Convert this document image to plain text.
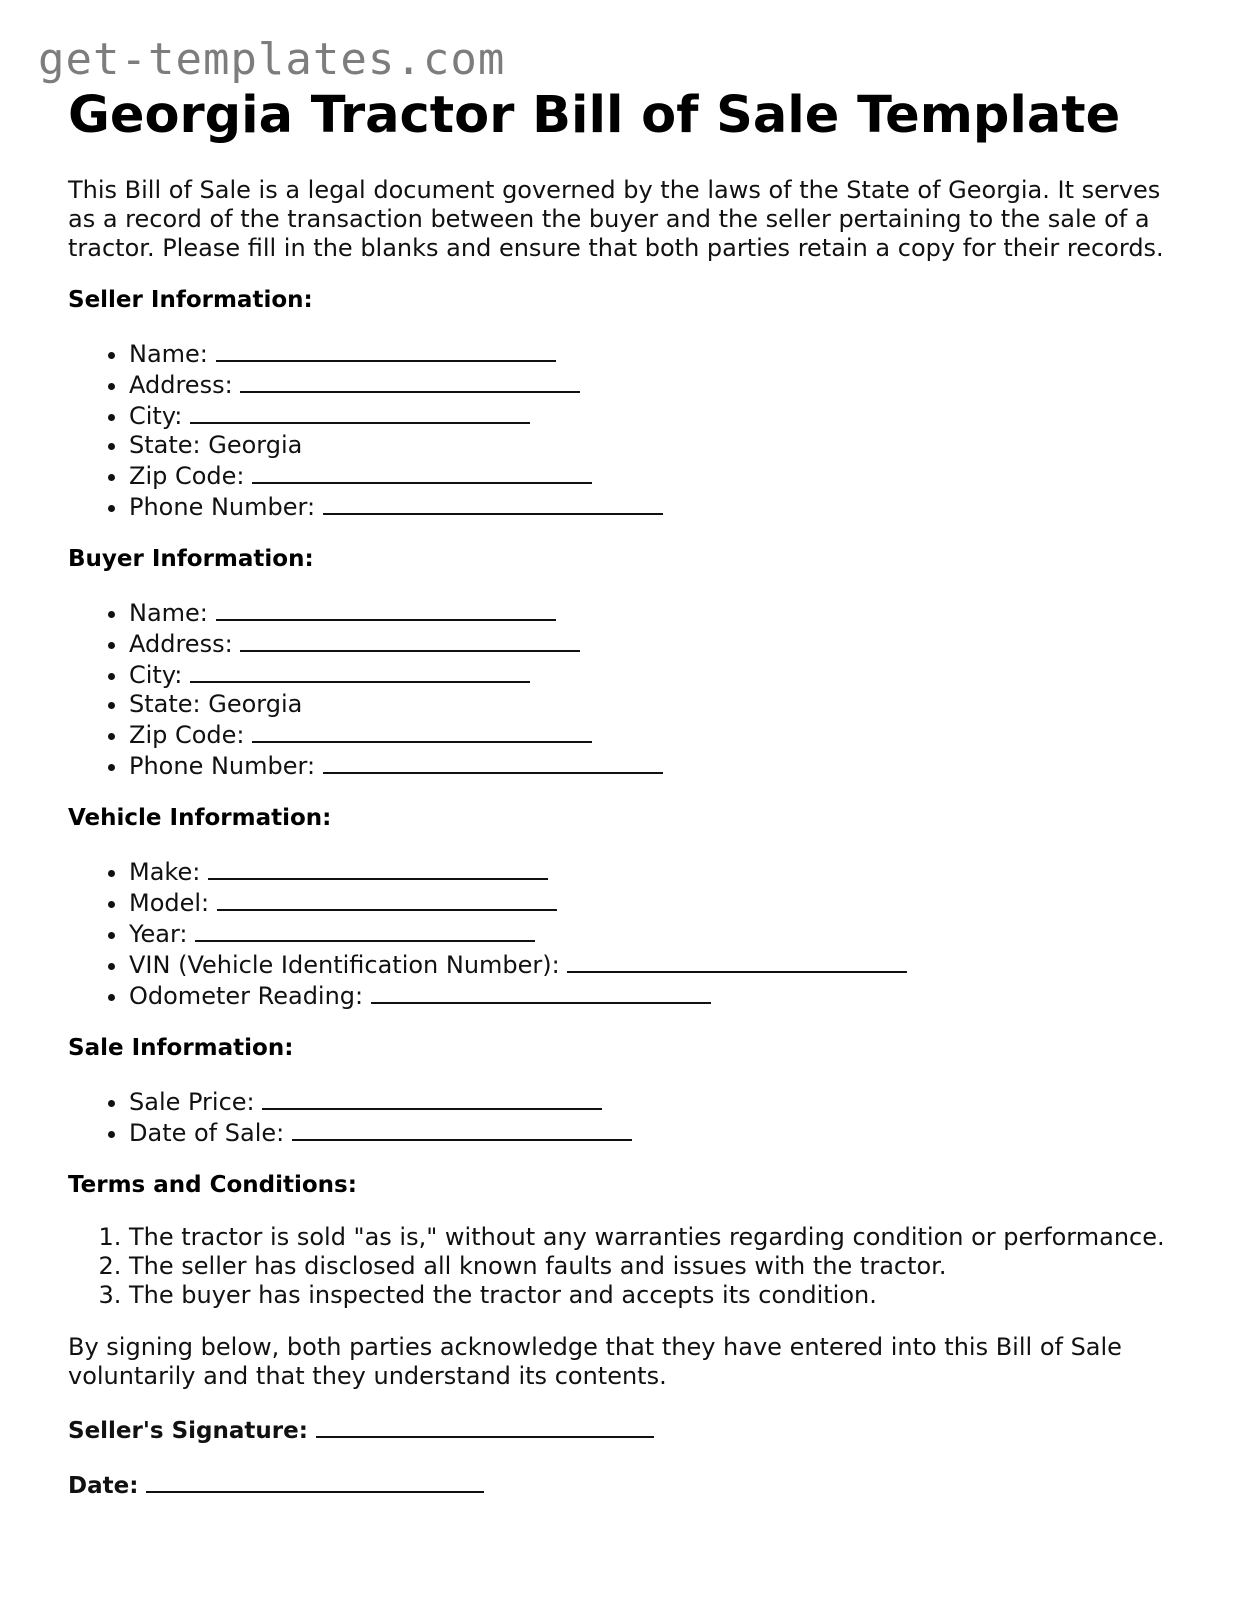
get-templates.com
Georgia Tractor Bill of Sale Template

This Bill of Sale is a legal document governed by the laws of the State of Georgia. It serves as a record of the transaction between the buyer and the seller pertaining to the sale of a tractor. Please fill in the blanks and ensure that both parties retain a copy for their records.

Seller Information:
• Name:
• Address:
• City:
• State: Georgia
• Zip Code:
• Phone Number:
Buyer Information:
• Name:
• Address:
• City:
• State: Georgia
• Zip Code:
• Phone Number:
Vehicle Information:
• Make:
• Model:
• Year:
• VIN (Vehicle Identification Number):
• Odometer Reading:
Sale Information:
• Sale Price:
• Date of Sale:
Terms and Conditions:
1. The tractor is sold "as is," without any warranties regarding condition or performance.
2. The seller has disclosed all known faults and issues with the tractor.
3. The buyer has inspected the tractor and accepts its condition.

By signing below, both parties acknowledge that they have entered into this Bill of Sale voluntarily and that they understand its contents.

Seller's Signature:
Date:
